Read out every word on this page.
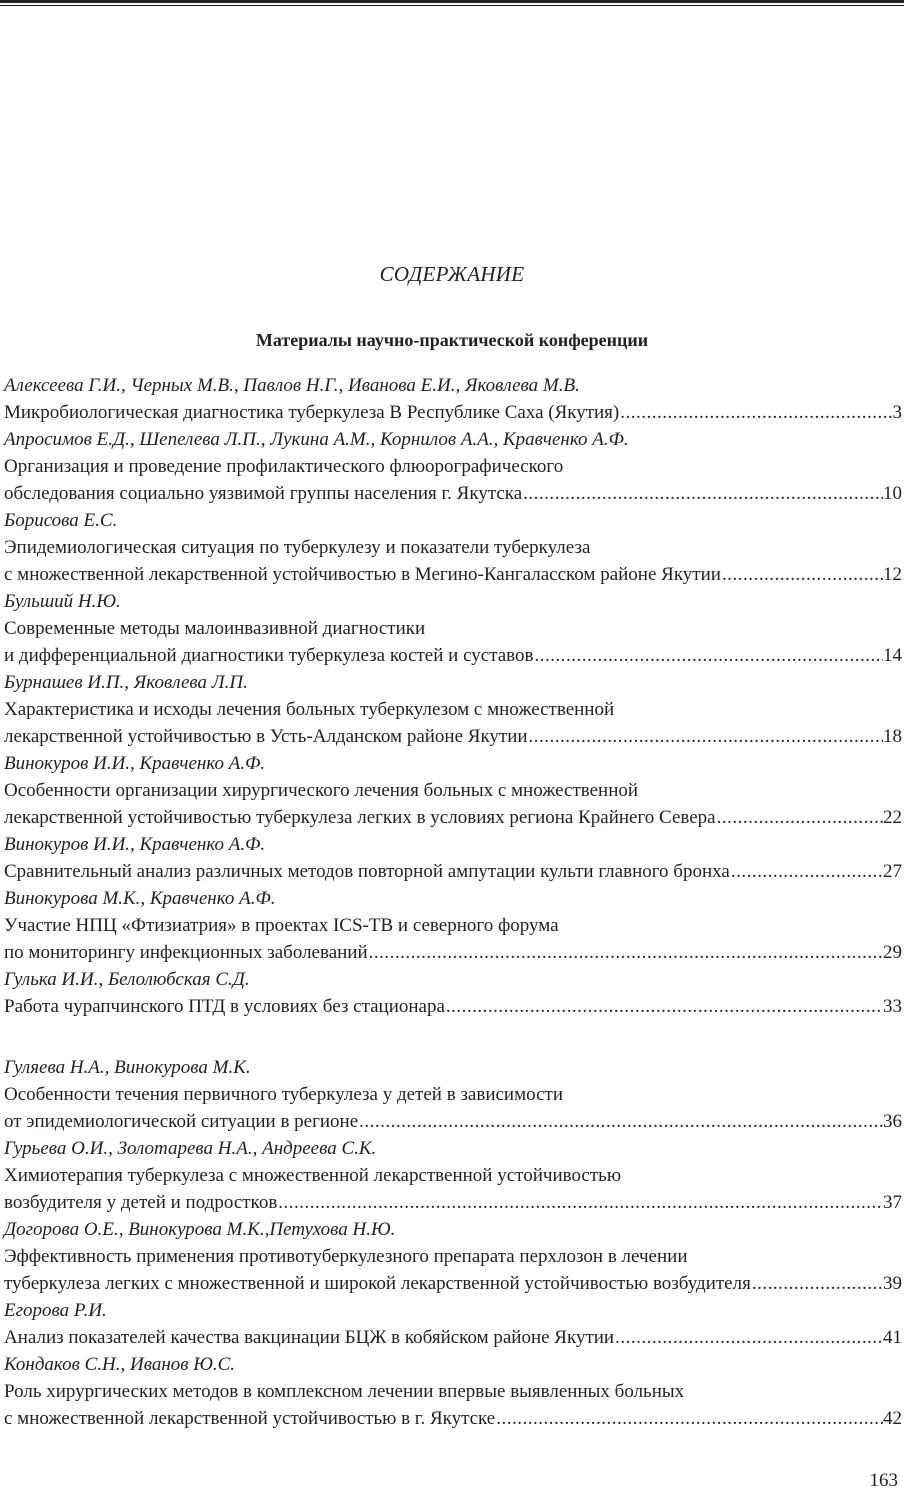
СОДЕРЖАНИЕ
Материалы научно-практической конференции
Алексеева Г.И., Черных М.В., Павлов Н.Г., Иванова Е.И., Яковлева М.В.
Микробиологическая диагностика туберкулеза В Республике Саха (Якутия) .....	3
Апросимов Е.Д., Шепелева Л.П., Лукина А.М., Корнилов А.А., Кравченко А.Ф.
Организация и проведение профилактического флюорографического
обследования социально уязвимой группы населения г. Якутска .....	10
Борисова Е.С.
Эпидемиологическая ситуация по туберкулезу и показатели туберкулеза
с множественной лекарственной устойчивостью в Мегино-Кангаласском районе Якутии .....	12
Бульший Н.Ю.
Современные методы малоинвазивной диагностики
и дифференциальной диагностики туберкулеза костей и суставов .....	14
Бурнашев И.П., Яковлева Л.П.
Характеристика и исходы лечения больных туберкулезом с множественной
лекарственной устойчивостью в Усть-Алданском районе Якутии .....	18
Винокуров И.И., Кравченко А.Ф.
Особенности организации хирургического лечения больных с множественной
лекарственной устойчивостью туберкулеза легких в условиях региона Крайнего Севера .....	22
Винокуров И.И., Кравченко А.Ф.
Сравнительный анализ различных методов повторной ампутации культи главного бронха .....	27
Винокурова М.К., Кравченко А.Ф.
Участие НПЦ «Фтизиатрия» в проектах ICS-TB и северного форума
по мониторингу инфекционных заболеваний .....	29
Гулька И.И., Белолюбская С.Д.
Работа чурапчинского ПТД в условиях без стационара .....	33
Гуляева Н.А., Винокурова М.К.
Особенности течения первичного туберкулеза у детей в зависимости
от эпидемиологической ситуации в регионе .....	36
Гурьева О.И., Золотарева Н.А., Андреева С.К.
Химиотерапия туберкулеза с множественной лекарственной устойчивостью
возбудителя у детей и подростков .....	37
Догорова О.Е., Винокурова М.К.,Петухова Н.Ю.
Эффективность применения противотуберкулезного препарата перхлозон в лечении
туберкулеза легких с множественной и широкой лекарственной устойчивостью возбудителя .....	39
Егорова Р.И.
Анализ показателей качества вакцинации БЦЖ в кобяйском районе Якутии .....	41
Кондаков С.Н., Иванов Ю.С.
Роль хирургических методов в комплексном лечении впервые выявленных больных
с множественной лекарственной устойчивостью в г. Якутске .....	42
163
